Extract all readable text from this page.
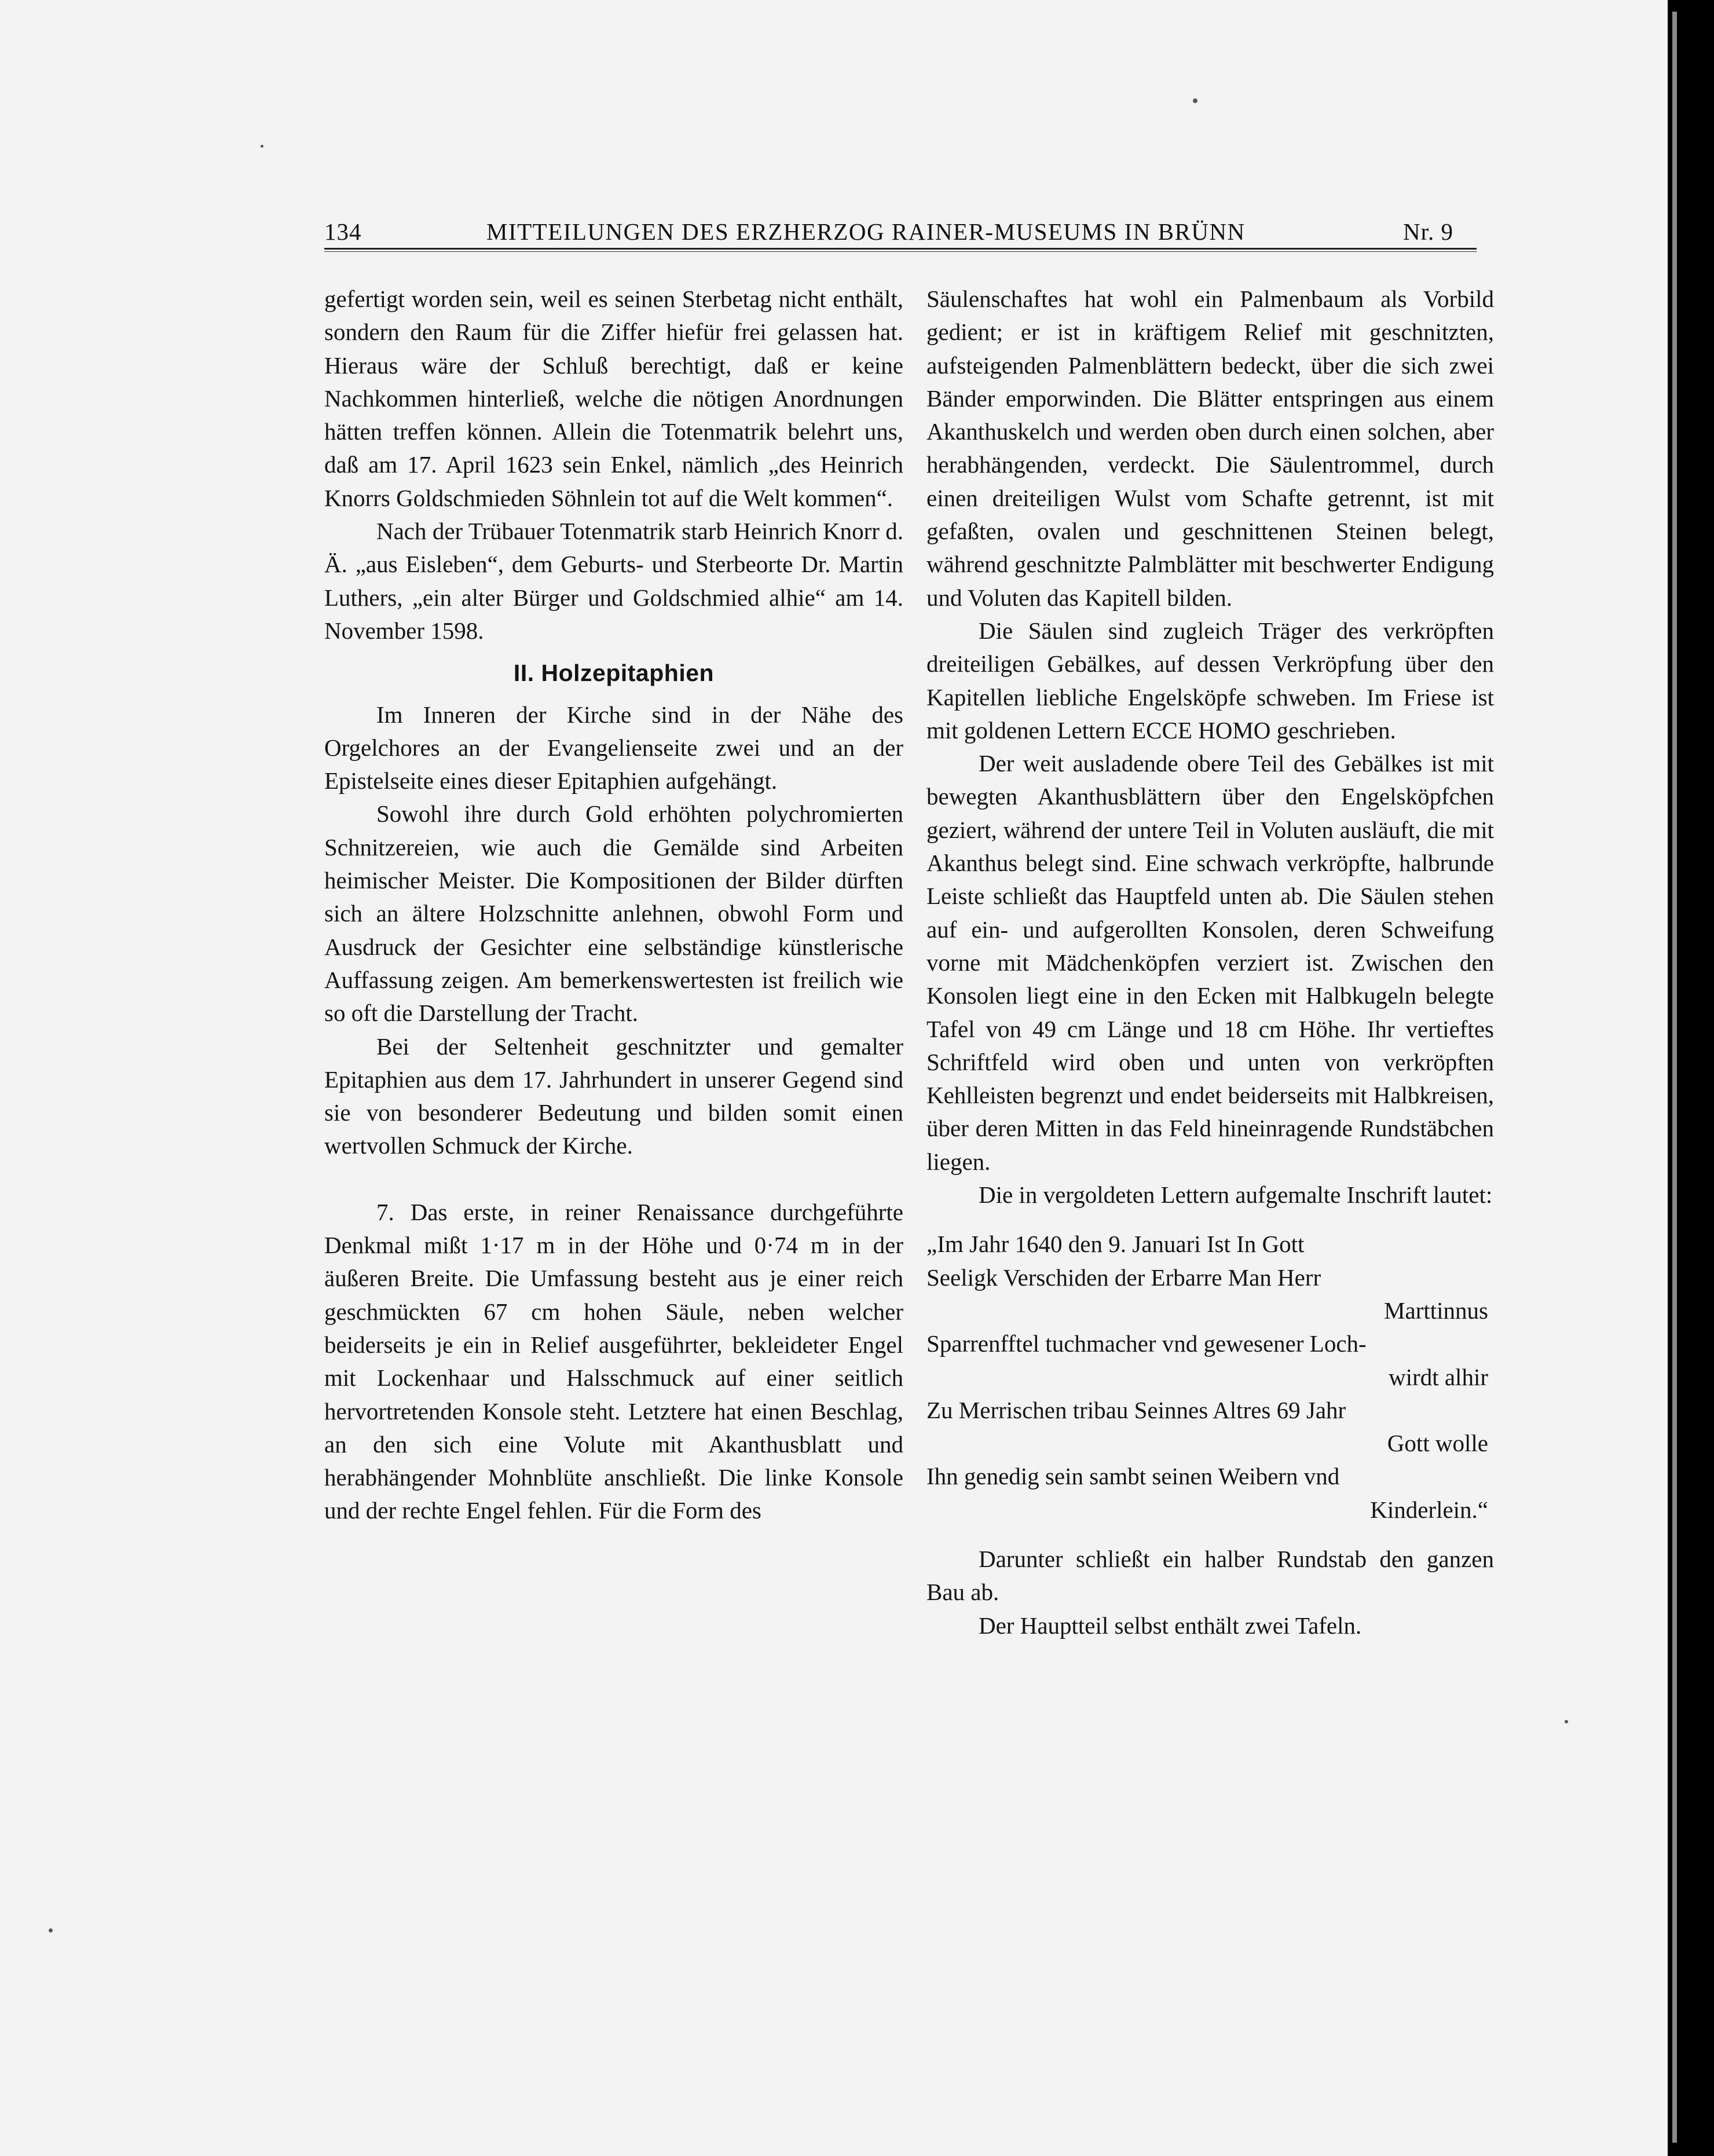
134	MITTEILUNGEN DES ERZHERZOG RAINER-MUSEUMS IN BRÜNN	Nr. 9

gefertigt worden sein, weil es seinen Sterbetag nicht enthält, sondern den Raum für die Ziffer hiefür frei gelassen hat. Hieraus wäre der Schluß berechtigt, daß er keine Nachkommen hinterließ, welche die nötigen Anordnungen hätten treffen können. Allein die Totenmatrik belehrt uns, daß am 17. April 1623 sein Enkel, nämlich „des Heinrich Knorrs Goldschmieden Söhnlein tot auf die Welt kommen“.

Nach der Trübauer Totenmatrik starb Heinrich Knorr d. Ä. „aus Eisleben“, dem Geburts- und Sterbeorte Dr. Martin Luthers, „ein alter Bürger und Goldschmied alhie“ am 14. November 1598.

II. Holzepitaphien

Im Inneren der Kirche sind in der Nähe des Orgelchores an der Evangelienseite zwei und an der Epistelseite eines dieser Epitaphien aufgehängt.

Sowohl ihre durch Gold erhöhten polychromierten Schnitzereien, wie auch die Gemälde sind Arbeiten heimischer Meister. Die Kompositionen der Bilder dürften sich an ältere Holzschnitte anlehnen, obwohl Form und Ausdruck der Gesichter eine selbständige künstlerische Auffassung zeigen. Am bemerkenswertesten ist freilich wie so oft die Darstellung der Tracht.

Bei der Seltenheit geschnitzter und gemalter Epitaphien aus dem 17. Jahrhundert in unserer Gegend sind sie von besonderer Bedeutung und bilden somit einen wertvollen Schmuck der Kirche.

7. Das erste, in reiner Renaissance durchgeführte Denkmal mißt 1·17 m in der Höhe und 0·74 m in der äußeren Breite. Die Umfassung besteht aus je einer reich geschmückten 67 cm hohen Säule, neben welcher beiderseits je ein in Relief ausgeführter, bekleideter Engel mit Lockenhaar und Halsschmuck auf einer seitlich hervortretenden Konsole steht. Letztere hat einen Beschlag, an den sich eine Volute mit Akanthusblatt und herabhängender Mohnblüte anschließt. Die linke Konsole und der rechte Engel fehlen. Für die Form des

Säulenschaftes hat wohl ein Palmenbaum als Vorbild gedient; er ist in kräftigem Relief mit geschnitzten, aufsteigenden Palmenblättern bedeckt, über die sich zwei Bänder emporwinden. Die Blätter entspringen aus einem Akanthuskelch und werden oben durch einen solchen, aber herabhängenden, verdeckt. Die Säulentrommel, durch einen dreiteiligen Wulst vom Schafte getrennt, ist mit gefaßten, ovalen und geschnittenen Steinen belegt, während geschnitzte Palmblätter mit beschwerter Endigung und Voluten das Kapitell bilden.

Die Säulen sind zugleich Träger des verkröpften dreiteiligen Gebälkes, auf dessen Verkröpfung über den Kapitellen liebliche Engelsköpfe schweben. Im Friese ist mit goldenen Lettern ECCE HOMO geschrieben.

Der weit ausladende obere Teil des Gebälkes ist mit bewegten Akanthusblättern über den Engelsköpfchen geziert, während der untere Teil in Voluten ausläuft, die mit Akanthus belegt sind. Eine schwach verkröpfte, halbrunde Leiste schließt das Hauptfeld unten ab. Die Säulen stehen auf ein- und aufgerollten Konsolen, deren Schweifung vorne mit Mädchenköpfen verziert ist. Zwischen den Konsolen liegt eine in den Ecken mit Halbkugeln belegte Tafel von 49 cm Länge und 18 cm Höhe. Ihr vertieftes Schriftfeld wird oben und unten von verkröpften Kehlleisten begrenzt und endet beiderseits mit Halbkreisen, über deren Mitten in das Feld hineinragende Rundstäbchen liegen.

Die in vergoldeten Lettern aufgemalte Inschrift lautet:

„Im Jahr 1640 den 9. Januari Ist In Gott

Seeligk Verschiden der Erbarre Man Herr

Marttinnus

Sparrenfftel tuchmacher vnd gewesener Loch-

wirdt alhir

Zu Merrischen tribau Seinnes Altres 69 Jahr

Gott wolle

Ihn genedig sein sambt seinen Weibern vnd

Kinderlein.“

Darunter schließt ein halber Rundstab den ganzen Bau ab.

Der Hauptteil selbst enthält zwei Tafeln.
